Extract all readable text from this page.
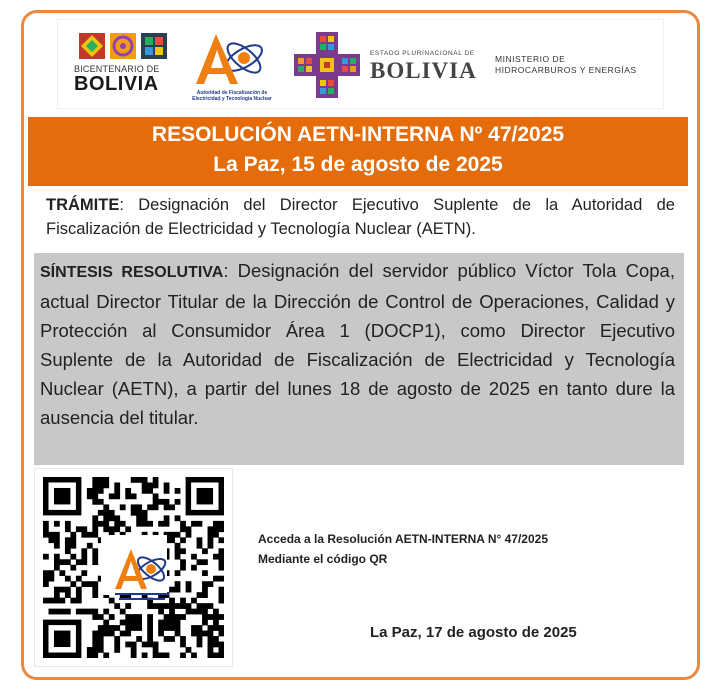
BICENTENARIO DE
BOLIVIA	Autoridad de Fiscalización de Electricidad y Tecnología Nuclear
ESTADO PLURINACIONAL DE
BOLIVIA MINISTERIO DE
HIDROCARBUROS Y ENERGÍAS
RESOLUCIÓN AETN-INTERNA Nº 47/2025
La Paz, 15 de agosto de 2025
TRÁMITE: Designación del Director Ejecutivo Suplente de la Autoridad de Fiscalización de Electricidad y Tecnología Nuclear (AETN).
SÍNTESIS RESOLUTIVA: Designación del servidor público Víctor Tola Copa, actual Director Titular de la Dirección de Control de Operaciones, Calidad y Protección al Consumidor Área 1 (DOCP1), como Director Ejecutivo Suplente de la Autoridad de Fiscalización de Electricidad y Tecnología Nuclear (AETN), a partir del lunes 18 de agosto de 2025 en tanto dure la ausencia del titular.
Acceda a la Resolución AETN-INTERNA N° 47/2025
Mediante el código QR
La Paz, 17 de agosto de 2025
